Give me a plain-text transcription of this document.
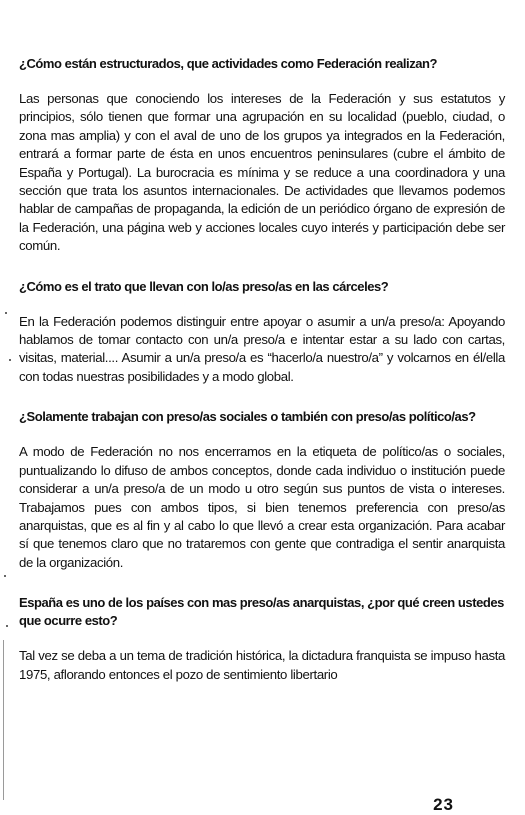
¿Cómo están estructurados, que actividades como Federación realizan?

Las personas que conociendo los intereses de la Federación y sus estatutos y principios, sólo tienen que formar una agrupación en su localidad (pueblo, ciudad, o zona mas amplia) y con el aval de uno de los grupos ya integrados en la Federación, entrará a formar parte de ésta en unos encuentros peninsulares (cubre el ámbito de España y Portugal). La burocracia es mínima y se reduce a una coordinadora y una sección que trata los asuntos internacionales. De actividades que llevamos podemos hablar de campañas de propaganda, la edición de un periódico órgano de expresión de la Federación, una página web y acciones locales cuyo interés y participación debe ser común.

¿Cómo es el trato que llevan con lo/as preso/as en las cárceles?

En la Federación podemos distinguir entre apoyar o asumir a un/a preso/a: Apoyando hablamos de tomar contacto con un/a preso/a e intentar estar a su lado con cartas, visitas, material.... Asumir a un/a preso/a es “hacerlo/a nuestro/a” y volcarnos en él/ella con todas nuestras posibilidades y a modo global.

¿Solamente trabajan con preso/as sociales o también con preso/as político/as?

A modo de Federación no nos encerramos en la etiqueta de político/as o sociales, puntualizando lo difuso de ambos conceptos, donde cada individuo o institución puede considerar a un/a preso/a de un modo u otro según sus puntos de vista o intereses. Trabajamos pues con ambos tipos, si bien tenemos preferencia con preso/as anarquistas, que es al fin y al cabo lo que llevó a crear esta organización. Para acabar sí que tenemos claro que no trataremos con gente que contradiga el sentir anarquista de la organización.

España es uno de los países con mas preso/as anarquistas, ¿por qué creen ustedes que ocurre esto?

Tal vez se deba a un tema de tradición histórica, la dictadura franquista se impuso hasta 1975, aflorando entonces el pozo de sentimiento libertario

23
